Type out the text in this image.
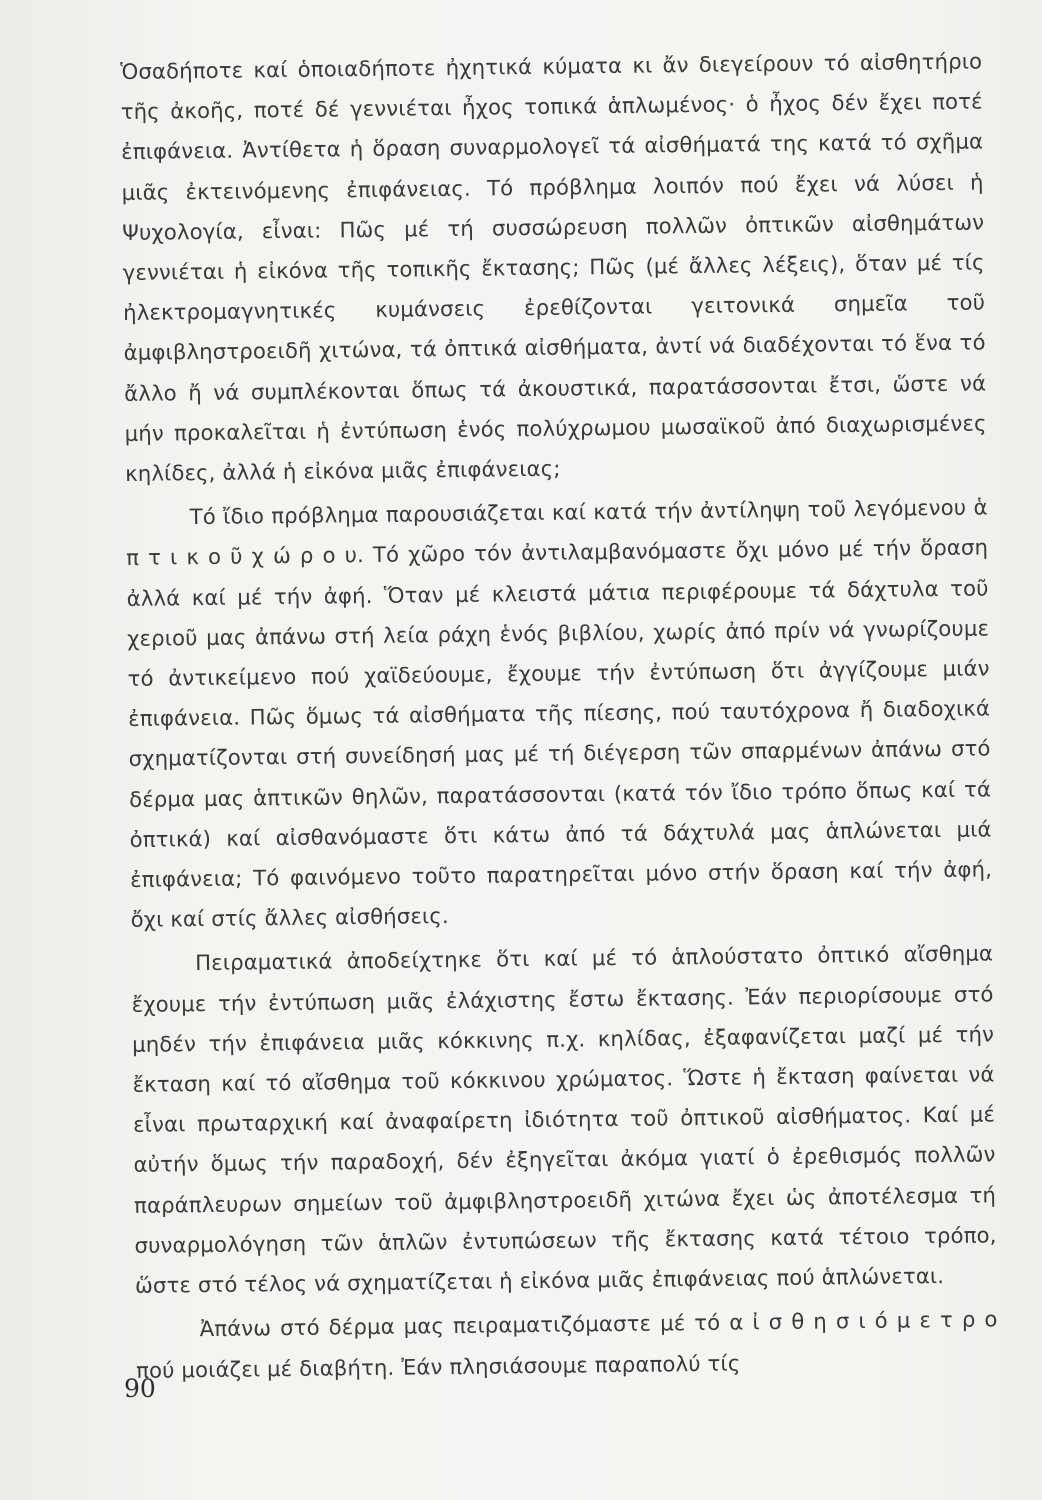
Ὁσαδήποτε καί ὁποιαδήποτε ἠχητικά κύματα κι ἄν διεγείρουν τό αἰσθητήριο τῆς ἀκοῆς, ποτέ δέ γεννιέται ἦχος τοπικά ἁπλωμένος· ὁ ἦχος δέν ἔχει ποτέ ἐπιφάνεια. Ἀντίθετα ἡ ὅραση συναρμολογεῖ τά αἰσθήματά της κατά τό σχῆμα μιᾶς ἐκτεινόμενης ἐπιφάνειας. Τό πρόβλημα λοιπόν πού ἔχει νά λύσει ἡ Ψυχολογία, εἶναι: Πῶς μέ τή συσσώρευση πολλῶν ὀπτικῶν αἰσθημάτων γεννιέται ἡ εἰκόνα τῆς τοπικῆς ἔκτασης; Πῶς (μέ ἄλλες λέξεις), ὅταν μέ τίς ἠλεκτρομαγνητικές κυμάνσεις ἐρεθίζονται γειτονικά σημεῖα τοῦ ἀμφιβληστροειδῆ χιτώνα, τά ὀπτικά αἰσθήματα, ἀντί νά διαδέχονται τό ἕνα τό ἄλλο ἤ νά συμπλέκονται ὅπως τά ἀκουστικά, παρατάσσονται ἔτσι, ὥστε νά μήν προκαλεῖται ἡ ἐντύπωση ἑνός πολύχρωμου μωσαϊκοῦ ἀπό διαχωρισμένες κηλίδες, ἀλλά ἡ εἰκόνα μιᾶς ἐπιφάνειας;

Τό ἴδιο πρόβλημα παρουσιάζεται καί κατά τήν ἀντίληψη τοῦ λεγόμενου ἁ π τ ι κ ο ῦ χ ώ ρ ο υ. Τό χῶρο τόν ἀντιλαμβανόμαστε ὄχι μόνο μέ τήν ὅραση ἀλλά καί μέ τήν ἀφή. Ὅταν μέ κλειστά μάτια περιφέρουμε τά δάχτυλα τοῦ χεριοῦ μας ἀπάνω στή λεία ράχη ἑνός βιβλίου, χωρίς ἀπό πρίν νά γνωρίζουμε τό ἀντικείμενο πού χαϊδεύουμε, ἔχουμε τήν ἐντύπωση ὅτι ἀγγίζουμε μιάν ἐπιφάνεια. Πῶς ὅμως τά αἰσθήματα τῆς πίεσης, πού ταυτόχρονα ἤ διαδοχικά σχηματίζονται στή συνείδησή μας μέ τή διέγερση τῶν σπαρμένων ἀπάνω στό δέρμα μας ἁπτικῶν θηλῶν, παρατάσσονται (κατά τόν ἴδιο τρόπο ὅπως καί τά ὀπτικά) καί αἰσθανόμαστε ὅτι κάτω ἀπό τά δάχτυλά μας ἁπλώνεται μιά ἐπιφάνεια; Τό φαινόμενο τοῦτο παρατηρεῖται μόνο στήν ὅραση καί τήν ἀφή, ὄχι καί στίς ἄλλες αἰσθήσεις.

Πειραματικά ἀποδείχτηκε ὅτι καί μέ τό ἁπλούστατο ὀπτικό αἴσθημα ἔχουμε τήν ἐντύπωση μιᾶς ἐλάχιστης ἔστω ἔκτασης. Ἐάν περιορίσουμε στό μηδέν τήν ἐπιφάνεια μιᾶς κόκκινης π.χ. κηλίδας, ἐξαφανίζεται μαζί μέ τήν ἔκταση καί τό αἴσθημα τοῦ κόκκινου χρώματος. Ὥστε ἡ ἔκταση φαίνεται νά εἶναι πρωταρχική καί ἀναφαίρετη ἰδιότητα τοῦ ὀπτικοῦ αἰσθήματος. Καί μέ αὐτήν ὅμως τήν παραδοχή, δέν ἐξηγεῖται ἀκόμα γιατί ὁ ἐρεθισμός πολλῶν παράπλευρων σημείων τοῦ ἀμφιβληστροειδῆ χιτώνα ἔχει ὡς ἀποτέλεσμα τή συναρμολόγηση τῶν ἁπλῶν ἐντυπώσεων τῆς ἔκτασης κατά τέτοιο τρόπο, ὥστε στό τέλος νά σχηματίζεται ἡ εἰκόνα μιᾶς ἐπιφάνειας πού ἁπλώνεται.

Ἀπάνω στό δέρμα μας πειραματιζόμαστε μέ τό α ἰ σ θ η σ ι ό μ ε τ ρ ο πού μοιάζει μέ διαβήτη. Ἐάν πλησιάσουμε παραπολύ τίς

90
